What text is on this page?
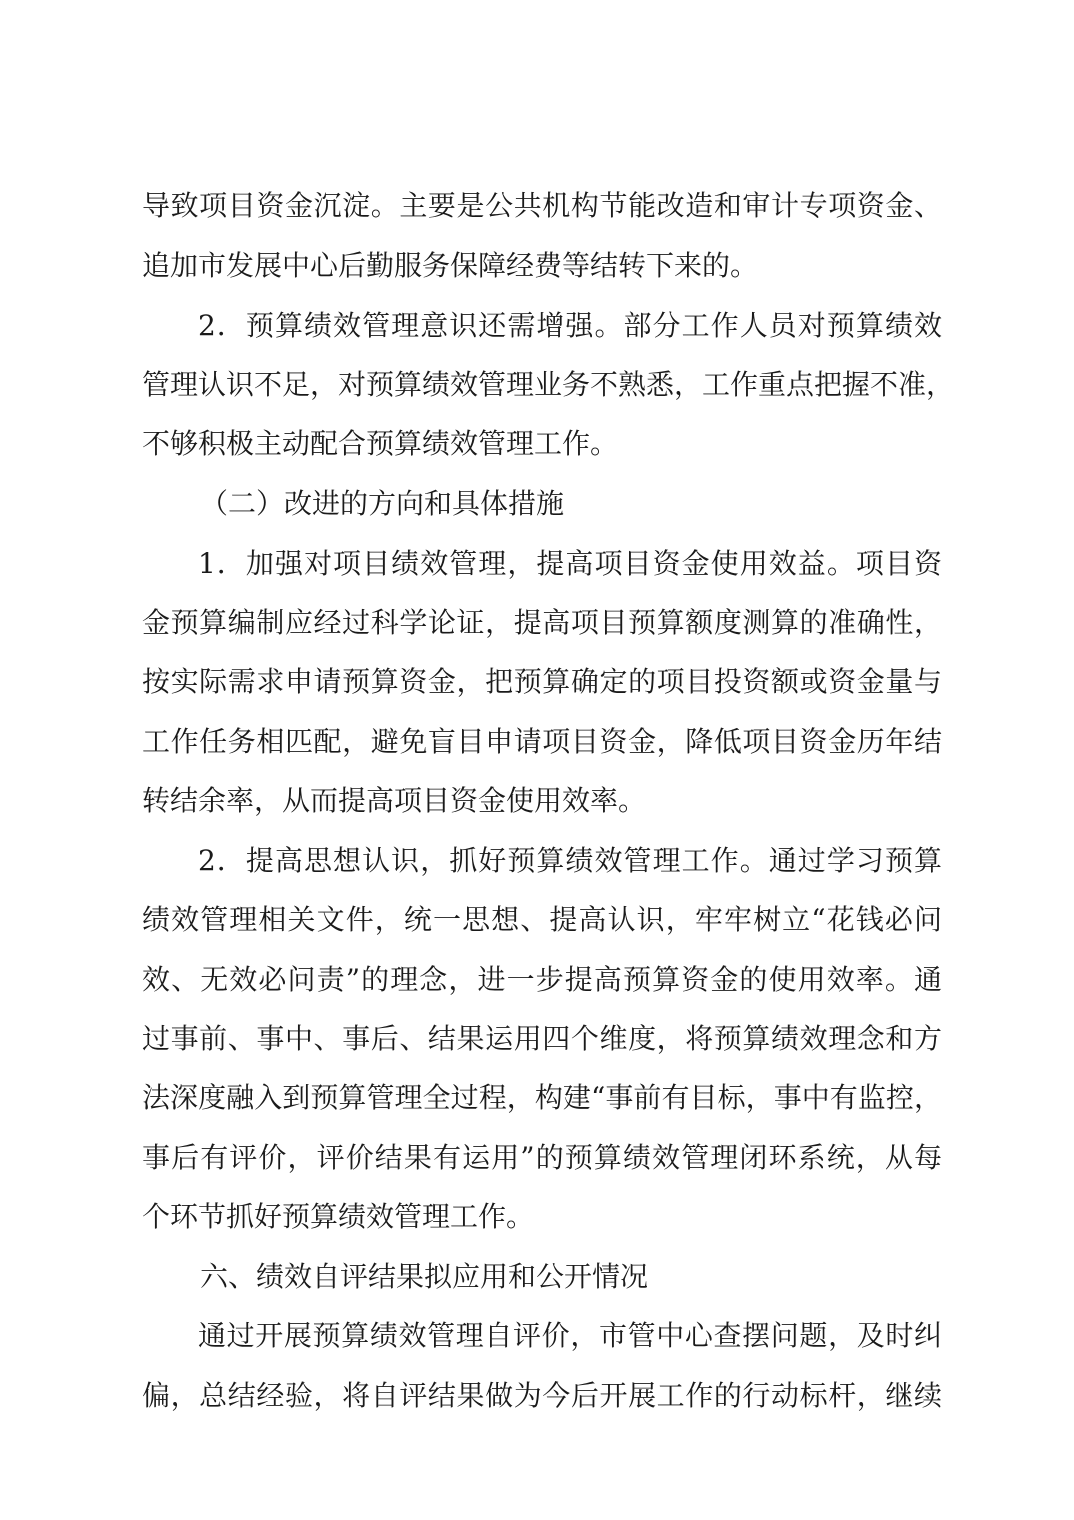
导致项目资金沉淀。主要是公共机构节能改造和审计专项资金、
追加市发展中心后勤服务保障经费等结转下来的。
2．预算绩效管理意识还需增强。部分工作人员对预算绩效
管理认识不足，对预算绩效管理业务不熟悉，工作重点把握不准，
不够积极主动配合预算绩效管理工作。
（二）改进的方向和具体措施
1．加强对项目绩效管理，提高项目资金使用效益。项目资
金预算编制应经过科学论证，提高项目预算额度测算的准确性，
按实际需求申请预算资金，把预算确定的项目投资额或资金量与
工作任务相匹配，避免盲目申请项目资金，降低项目资金历年结
转结余率，从而提高项目资金使用效率。
2．提高思想认识，抓好预算绩效管理工作。通过学习预算
绩效管理相关文件，统一思想、提高认识，牢牢树立“花钱必问
效、无效必问责”的理念，进一步提高预算资金的使用效率。通
过事前、事中、事后、结果运用四个维度，将预算绩效理念和方
法深度融入到预算管理全过程，构建“事前有目标，事中有监控，
事后有评价，评价结果有运用”的预算绩效管理闭环系统，从每
个环节抓好预算绩效管理工作。
六、绩效自评结果拟应用和公开情况
通过开展预算绩效管理自评价，市管中心查摆问题，及时纠
偏，总结经验，将自评结果做为今后开展工作的行动标杆，继续
